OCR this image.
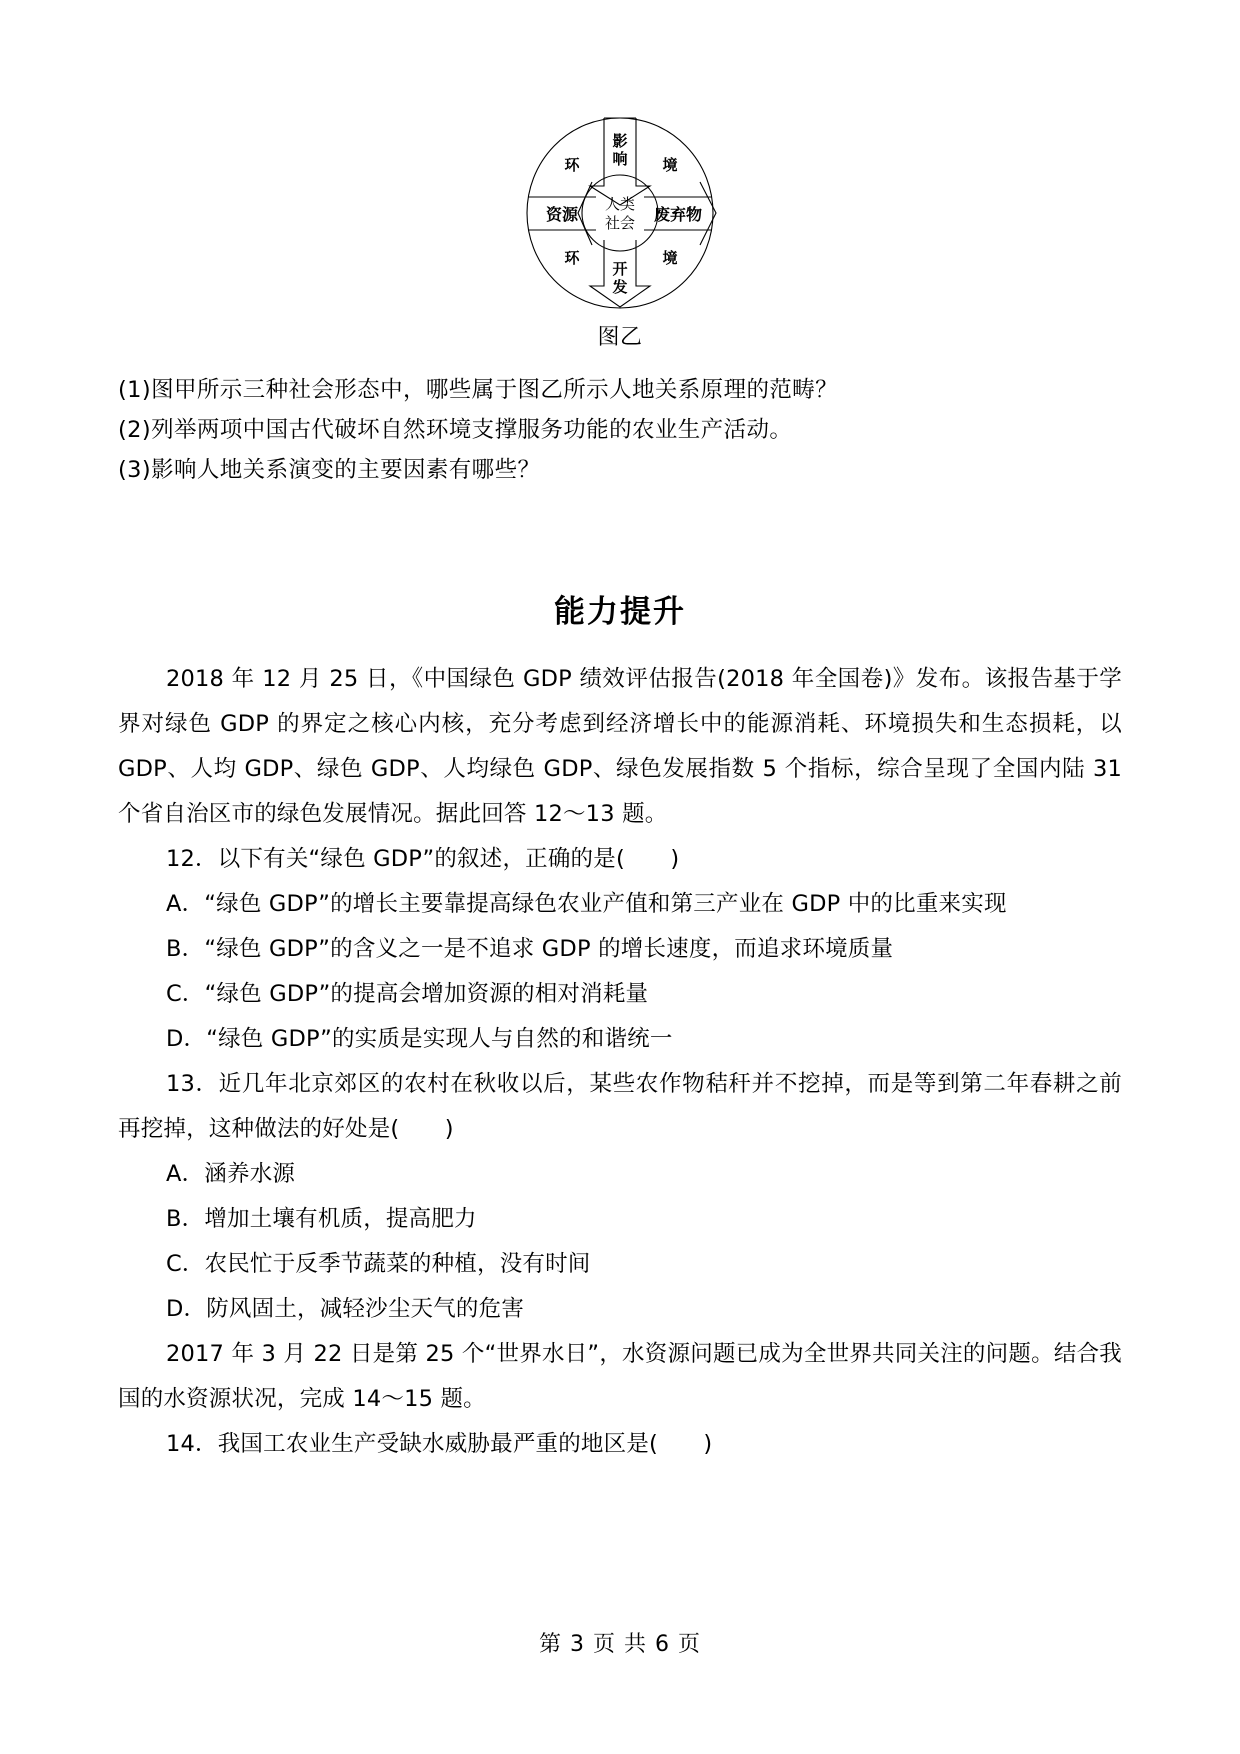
影
响
开
发
资源	废弃物
环	境
环	境
人类
社会
图乙

(1)图甲所示三种社会形态中，哪些属于图乙所示人地关系原理的范畴？

(2)列举两项中国古代破坏自然环境支撑服务功能的农业生产活动。

(3)影响人地关系演变的主要因素有哪些？

能力提升

2018 年 12 月 25 日，《中国绿色 GDP 绩效评估报告(2018 年全国卷)》发布。该报告基于学界对绿色 GDP 的界定之核心内核，充分考虑到经济增长中的能源消耗、环境损失和生态损耗，以 GDP、人均 GDP、绿色 GDP、人均绿色 GDP、绿色发展指数 5 个指标，综合呈现了全国内陆 31 个省自治区市的绿色发展情况。据此回答 12～13 题。

12．以下有关“绿色 GDP”的叙述，正确的是(　　)

A．“绿色 GDP”的增长主要靠提高绿色农业产值和第三产业在 GDP 中的比重来实现

B．“绿色 GDP”的含义之一是不追求 GDP 的增长速度，而追求环境质量

C．“绿色 GDP”的提高会增加资源的相对消耗量

D．“绿色 GDP”的实质是实现人与自然的和谐统一

13．近几年北京郊区的农村在秋收以后，某些农作物秸秆并不挖掉，而是等到第二年春耕之前再挖掉，这种做法的好处是(　　)

A．涵养水源

B．增加土壤有机质，提高肥力

C．农民忙于反季节蔬菜的种植，没有时间

D．防风固土，减轻沙尘天气的危害

2017 年 3 月 22 日是第 25 个“世界水日”，水资源问题已成为全世界共同关注的问题。结合我国的水资源状况，完成 14～15 题。

14．我国工农业生产受缺水威胁最严重的地区是(　　)

第 3 页 共 6 页
